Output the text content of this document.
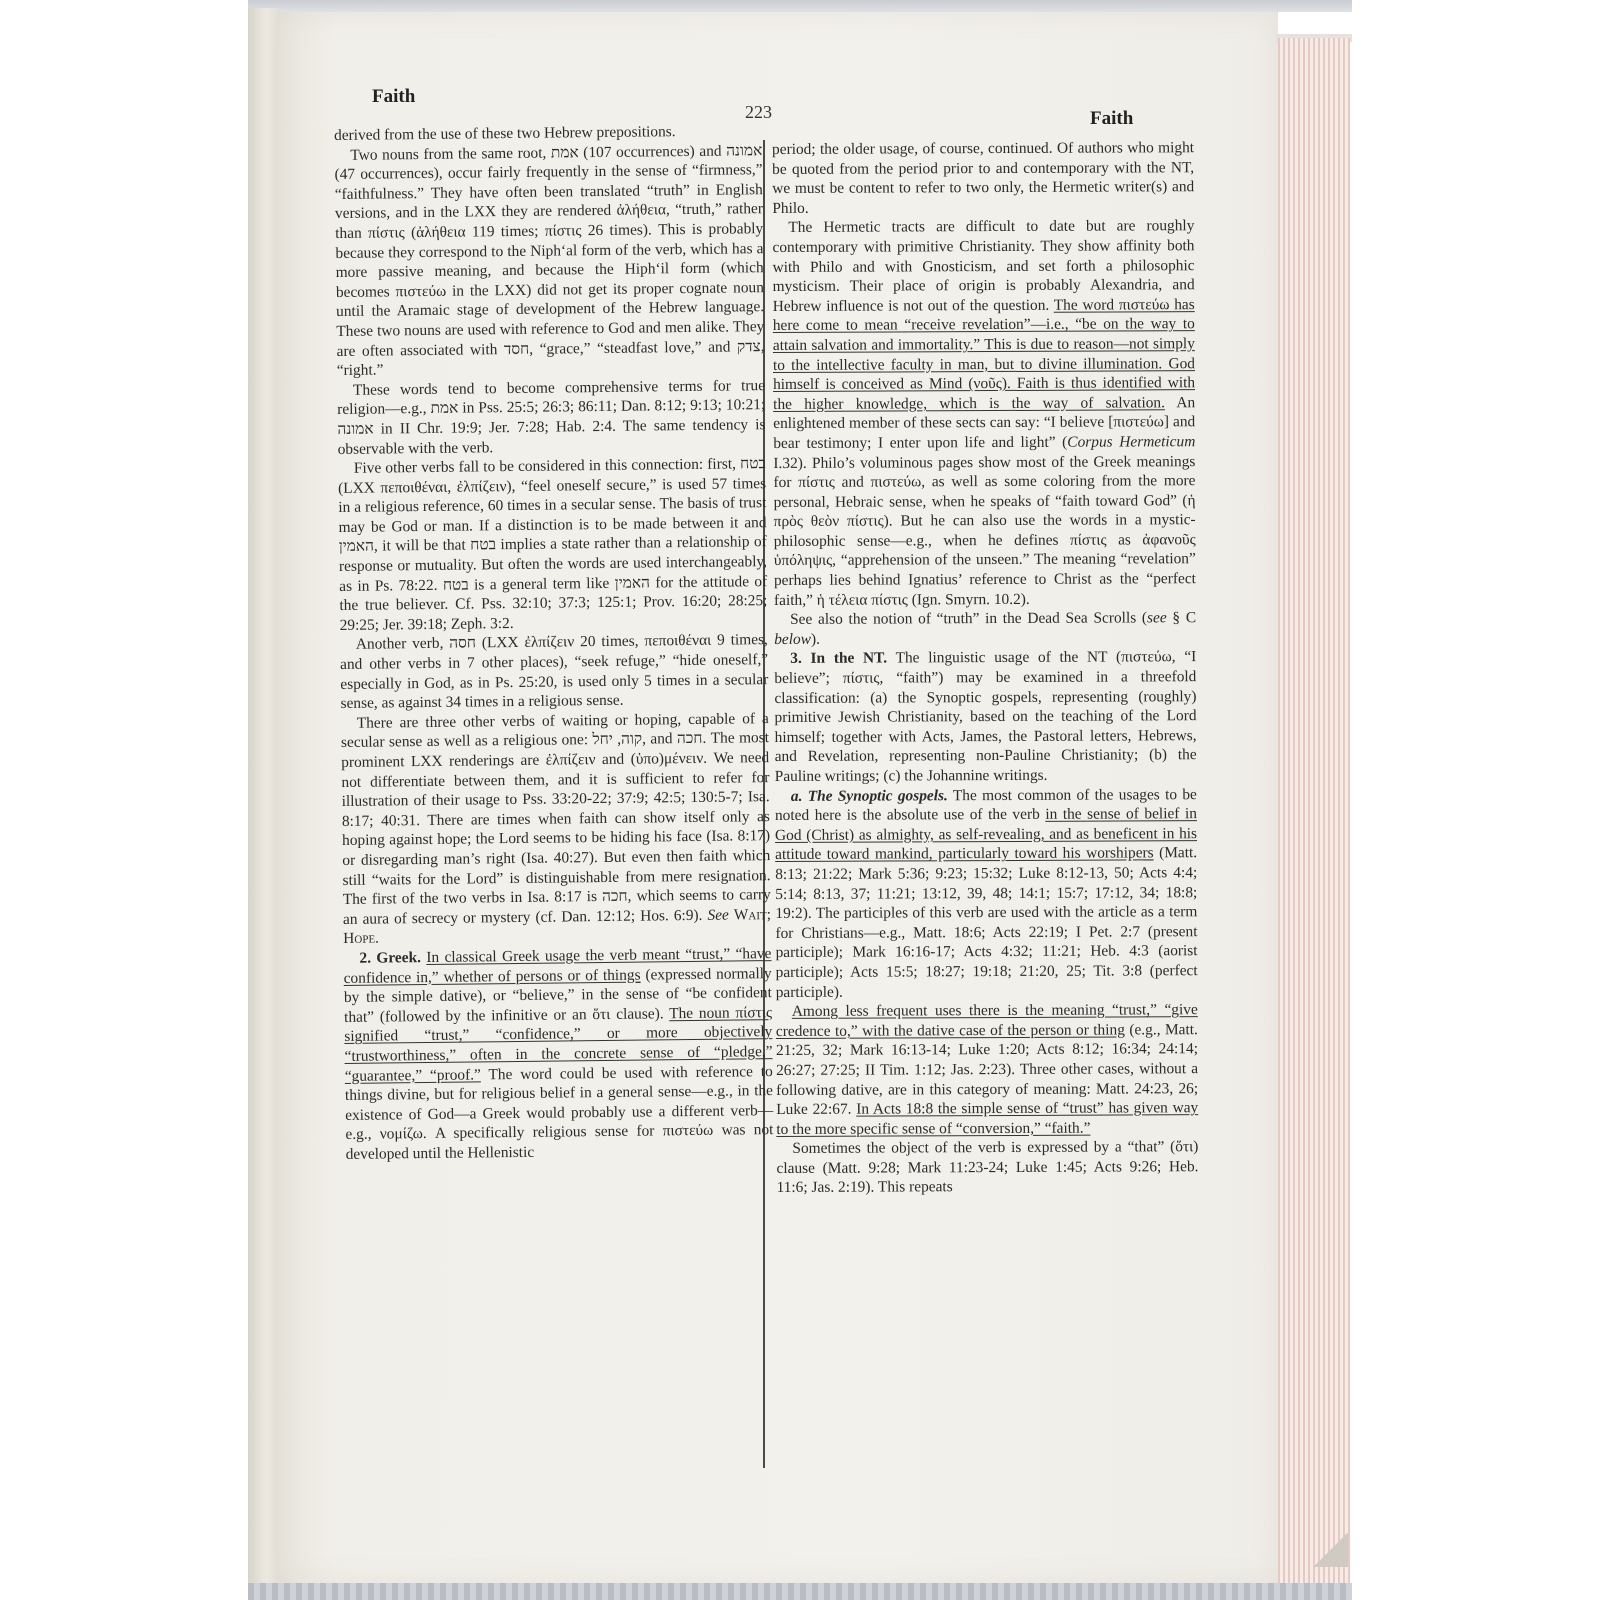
Faith
223	Faith

derived from the use of these two Hebrew prepositions.

Two nouns from the same root, אמת (107 occurrences) and אמונה (47 occurrences), occur fairly frequently in the sense of “firmness,” “faithfulness.” They have often been translated “truth” in English versions, and in the LXX they are rendered ἀλήθεια, “truth,” rather than πίστις (ἀλήθεια 119 times; πίστις 26 times). This is probably because they correspond to the Niph‘al form of the verb, which has a more passive meaning, and because the Hiph‘il form (which becomes πιστεύω in the LXX) did not get its proper cognate noun until the Aramaic stage of development of the Hebrew language. These two nouns are used with reference to God and men alike. They are often associated with חסד, “grace,” “steadfast love,” and צדק, “right.”

These words tend to become comprehensive terms for true religion—e.g., אמת in Pss. 25:5; 26:3; 86:11; Dan. 8:12; 9:13; 10:21; אמונה in II Chr. 19:9; Jer. 7:28; Hab. 2:4. The same tendency is observable with the verb.

Five other verbs fall to be considered in this connection: first, בטח (LXX πεποιθέναι, ἐλπίζειν), “feel oneself secure,” is used 57 times in a religious reference, 60 times in a secular sense. The basis of trust may be God or man. If a distinction is to be made between it and האמין, it will be that בטח implies a state rather than a relationship of response or mutuality. But often the words are used interchangeably, as in Ps. 78:22. בטח is a general term like האמין for the attitude of the true believer. Cf. Pss. 32:10; 37:3; 125:1; Prov. 16:20; 28:25; 29:25; Jer. 39:18; Zeph. 3:2.

Another verb, חסה (LXX ἐλπίζειν 20 times, πεποιθέναι 9 times, and other verbs in 7 other places), “seek refuge,” “hide oneself,” especially in God, as in Ps. 25:20, is used only 5 times in a secular sense, as against 34 times in a religious sense.

There are three other verbs of waiting or hoping, capable of a secular sense as well as a religious one: קוה, יחל, and חכה. The most prominent LXX renderings are ἐλπίζειν and (ὑπο)μένειν. We need not differentiate between them, and it is sufficient to refer for illustration of their usage to Pss. 33:20-22; 37:9; 42:5; 130:5-7; Isa. 8:17; 40:31. There are times when faith can show itself only as hoping against hope; the Lord seems to be hiding his face (Isa. 8:17) or disregarding man’s right (Isa. 40:27). But even then faith which still “waits for the Lord” is distinguishable from mere resignation. The first of the two verbs in Isa. 8:17 is חכה, which seems to carry an aura of secrecy or mystery (cf. Dan. 12:12; Hos. 6:9). See Wait; Hope.

2. Greek. In classical Greek usage the verb meant “trust,” “have confidence in,” whether of persons or of things (expressed normally by the simple dative), or “believe,” in the sense of “be confident that” (followed by the infinitive or an ὅτι clause). The noun πίστις signified “trust,” “confidence,” or more objectively “trustworthiness,” often in the concrete sense of “pledge,” “guarantee,” “proof.” The word could be used with reference to things divine, but for religious belief in a general sense—e.g., in the existence of God—a Greek would probably use a different verb—e.g., νομίζω. A specifically religious sense for πιστεύω was not developed until the Hellenistic

period; the older usage, of course, continued. Of authors who might be quoted from the period prior to and contemporary with the NT, we must be content to refer to two only, the Hermetic writer(s) and Philo.

The Hermetic tracts are difficult to date but are roughly contemporary with primitive Christianity. They show affinity both with Philo and with Gnosticism, and set forth a philosophic mysticism. Their place of origin is probably Alexandria, and Hebrew influence is not out of the question. The word πιστεύω has here come to mean “receive revelation”—i.e., “be on the way to attain salvation and immortality.” This is due to reason—not simply to the intellective faculty in man, but to divine illumination. God himself is conceived as Mind (νοῦς). Faith is thus identified with the higher knowledge, which is the way of salvation. An enlightened member of these sects can say: “I believe [πιστεύω] and bear testimony; I enter upon life and light” (Corpus Hermeticum I.32). Philo’s voluminous pages show most of the Greek meanings for πίστις and πιστεύω, as well as some coloring from the more personal, Hebraic sense, when he speaks of “faith toward God” (ἡ πρὸς θεὸν πίστις). But he can also use the words in a mystic-philosophic sense—e.g., when he defines πίστις as ἀφανοῦς ὑπόληψις, “apprehension of the unseen.” The meaning “revelation” perhaps lies behind Ignatius’ reference to Christ as the “perfect faith,” ἡ τέλεια πίστις (Ign. Smyrn. 10.2).

See also the notion of “truth” in the Dead Sea Scrolls (see § C below).

3. In the NT. The linguistic usage of the NT (πιστεύω, “I believe”; πίστις, “faith”) may be examined in a threefold classification: (a) the Synoptic gospels, representing (roughly) primitive Jewish Christianity, based on the teaching of the Lord himself; together with Acts, James, the Pastoral letters, Hebrews, and Revelation, representing non-Pauline Christianity; (b) the Pauline writings; (c) the Johannine writings.

a. The Synoptic gospels. The most common of the usages to be noted here is the absolute use of the verb in the sense of belief in God (Christ) as almighty, as self-revealing, and as beneficent in his attitude toward mankind, particularly toward his worshipers (Matt. 8:13; 21:22; Mark 5:36; 9:23; 15:32; Luke 8:12-13, 50; Acts 4:4; 5:14; 8:13, 37; 11:21; 13:12, 39, 48; 14:1; 15:7; 17:12, 34; 18:8; 19:2). The participles of this verb are used with the article as a term for Christians—e.g., Matt. 18:6; Acts 22:19; I Pet. 2:7 (present participle); Mark 16:16-17; Acts 4:32; 11:21; Heb. 4:3 (aorist participle); Acts 15:5; 18:27; 19:18; 21:20, 25; Tit. 3:8 (perfect participle).

Among less frequent uses there is the meaning “trust,” “give credence to,” with the dative case of the person or thing (e.g., Matt. 21:25, 32; Mark 16:13-14; Luke 1:20; Acts 8:12; 16:34; 24:14; 26:27; 27:25; II Tim. 1:12; Jas. 2:23). Three other cases, without a following dative, are in this category of meaning: Matt. 24:23, 26; Luke 22:67. In Acts 18:8 the simple sense of “trust” has given way to the more specific sense of “conversion,” “faith.”

Sometimes the object of the verb is expressed by a “that” (ὅτι) clause (Matt. 9:28; Mark 11:23-24; Luke 1:45; Acts 9:26; Heb. 11:6; Jas. 2:19). This repeats
